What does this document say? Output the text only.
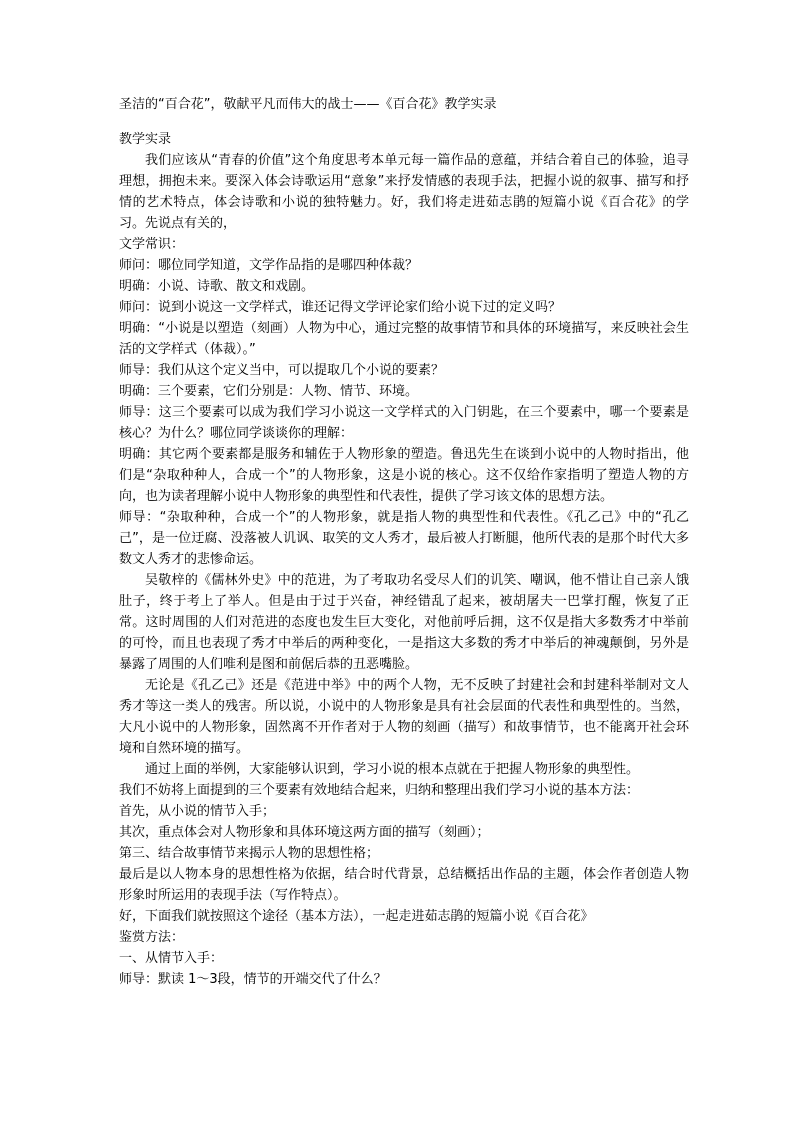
圣洁的“百合花”，敬献平凡而伟大的战士——《百合花》教学实录
教学实录

我们应该从“青春的价值”这个角度思考本单元每一篇作品的意蕴，并结合着自己的体验，追寻理想，拥抱未来。要深入体会诗歌运用“意象”来抒发情感的表现手法，把握小说的叙事、描写和抒情的艺术特点，体会诗歌和小说的独特魅力。好，我们将走进茹志鹃的短篇小说《百合花》的学习。先说点有关的，

文学常识：

师问：哪位同学知道，文学作品指的是哪四种体裁？

明确：小说、诗歌、散文和戏剧。

师问：说到小说这一文学样式，谁还记得文学评论家们给小说下过的定义吗？

明确：“小说是以塑造（刻画）人物为中心，通过完整的故事情节和具体的环境描写，来反映社会生活的文学样式（体裁）。”

师导：我们从这个定义当中，可以提取几个小说的要素？

明确：三个要素，它们分别是：人物、情节、环境。

师导：这三个要素可以成为我们学习小说这一文学样式的入门钥匙，在三个要素中，哪一个要素是核心？为什么？哪位同学谈谈你的理解：

明确：其它两个要素都是服务和辅佐于人物形象的塑造。鲁迅先生在谈到小说中的人物时指出，他们是“杂取种种人，合成一个”的人物形象，这是小说的核心。这不仅给作家指明了塑造人物的方向，也为读者理解小说中人物形象的典型性和代表性，提供了学习该文体的思想方法。

师导：“杂取种种，合成一个”的人物形象，就是指人物的典型性和代表性。《孔乙己》中的“孔乙己”，是一位迂腐、没落被人讥讽、取笑的文人秀才，最后被人打断腿，他所代表的是那个时代大多数文人秀才的悲惨命运。

吴敬梓的《儒林外史》中的范进，为了考取功名受尽人们的讥笑、嘲讽，他不惜让自己亲人饿肚子，终于考上了举人。但是由于过于兴奋，神经错乱了起来，被胡屠夫一巴掌打醒，恢复了正常。这时周围的人们对范进的态度也发生巨大变化，对他前呼后拥，这不仅是指大多数秀才中举前的可怜，而且也表现了秀才中举后的两种变化，一是指这大多数的秀才中举后的神魂颠倒，另外是暴露了周围的人们唯利是图和前倨后恭的丑恶嘴脸。

无论是《孔乙己》还是《范进中举》中的两个人物，无不反映了封建社会和封建科举制对文人秀才等这一类人的残害。所以说，小说中的人物形象是具有社会层面的代表性和典型性的。当然，大凡小说中的人物形象，固然离不开作者对于人物的刻画（描写）和故事情节，也不能离开社会环境和自然环境的描写。

通过上面的举例，大家能够认识到，学习小说的根本点就在于把握人物形象的典型性。

我们不妨将上面提到的三个要素有效地结合起来，归纳和整理出我们学习小说的基本方法：

首先，从小说的情节入手；

其次，重点体会对人物形象和具体环境这两方面的描写（刻画）；

第三、结合故事情节来揭示人物的思想性格；

最后是以人物本身的思想性格为依据，结合时代背景，总结概括出作品的主题，体会作者创造人物形象时所运用的表现手法（写作特点）。

好，下面我们就按照这个途径（基本方法），一起走进茹志鹃的短篇小说《百合花》

鉴赏方法：

一、从情节入手：

师导：默读 1～3段，情节的开端交代了什么？
